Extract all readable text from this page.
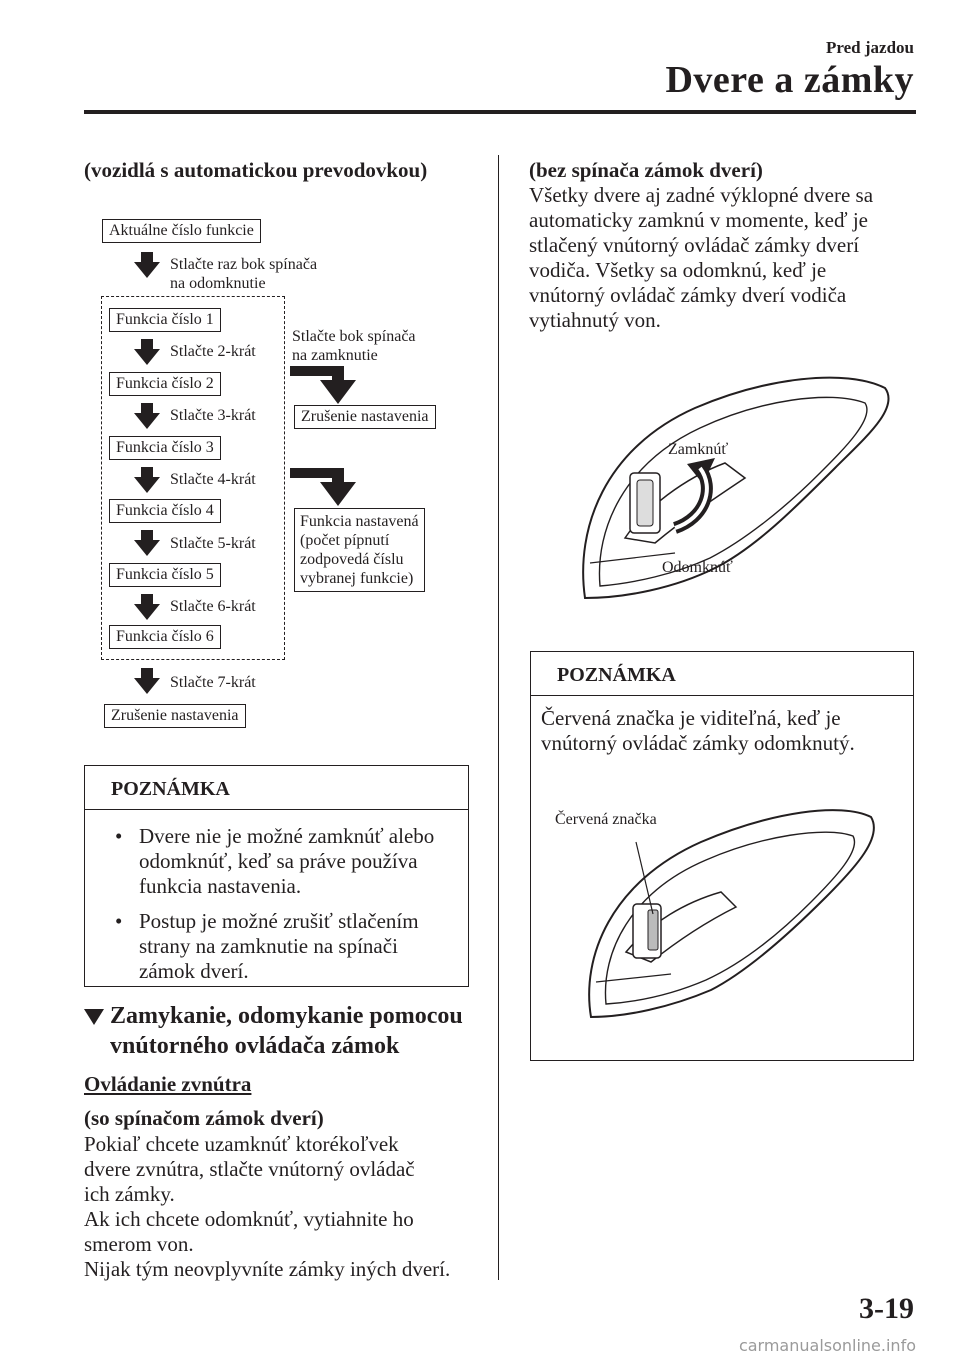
Pred jazdou
Dvere a zámky
(vozidlá s automatickou prevodovkou)
Aktuálne číslo funkcie
Stlačte raz bok spínača
na odomknutie
Funkcia číslo 1
Stlačte 2-krát
Funkcia číslo 2
Stlačte 3-krát
Funkcia číslo 3
Stlačte 4-krát
Funkcia číslo 4
Stlačte 5-krát
Funkcia číslo 5
Stlačte 6-krát
Funkcia číslo 6
Stlačte 7-krát
Zrušenie nastavenia
Stlačte bok spínača
na zamknutie
Zrušenie nastavenia
Funkcia nastavená
(počet pípnutí
zodpovedá číslu
vybranej funkcie)
POZNÁMKA
• Dvere nie je možné zamknúť alebo
odomknúť, keď sa práve používa
funkcia nastavenia.
• Postup je možné zrušiť stlačením
strany na zamknutie na spínači
zámok dverí.
Zamykanie, odomykanie pomocou
vnútorného ovládača zámok
Ovládanie zvnútra
(so spínačom zámok dverí)
Pokiaľ chcete uzamknúť ktorékoľvek
dvere zvnútra, stlačte vnútorný ovládač
ich zámky.
Ak ich chcete odomknúť, vytiahnite ho
smerom von.
Nijak tým neovplyvníte zámky iných dverí.
(bez spínača zámok dverí)
Všetky dvere aj zadné výklopné dvere sa
automaticky zamknú v momente, keď je
stlačený vnútorný ovládač zámky dverí
vodiča. Všetky sa odomknú, keď je
vnútorný ovládač zámky dverí vodiča
vytiahnutý von.
Zamknúť
Odomknúť
POZNÁMKA
Červená značka je viditeľná, keď je
vnútorný ovládač zámky odomknutý.
Červená značka
3-19
carmanualsonline.info
